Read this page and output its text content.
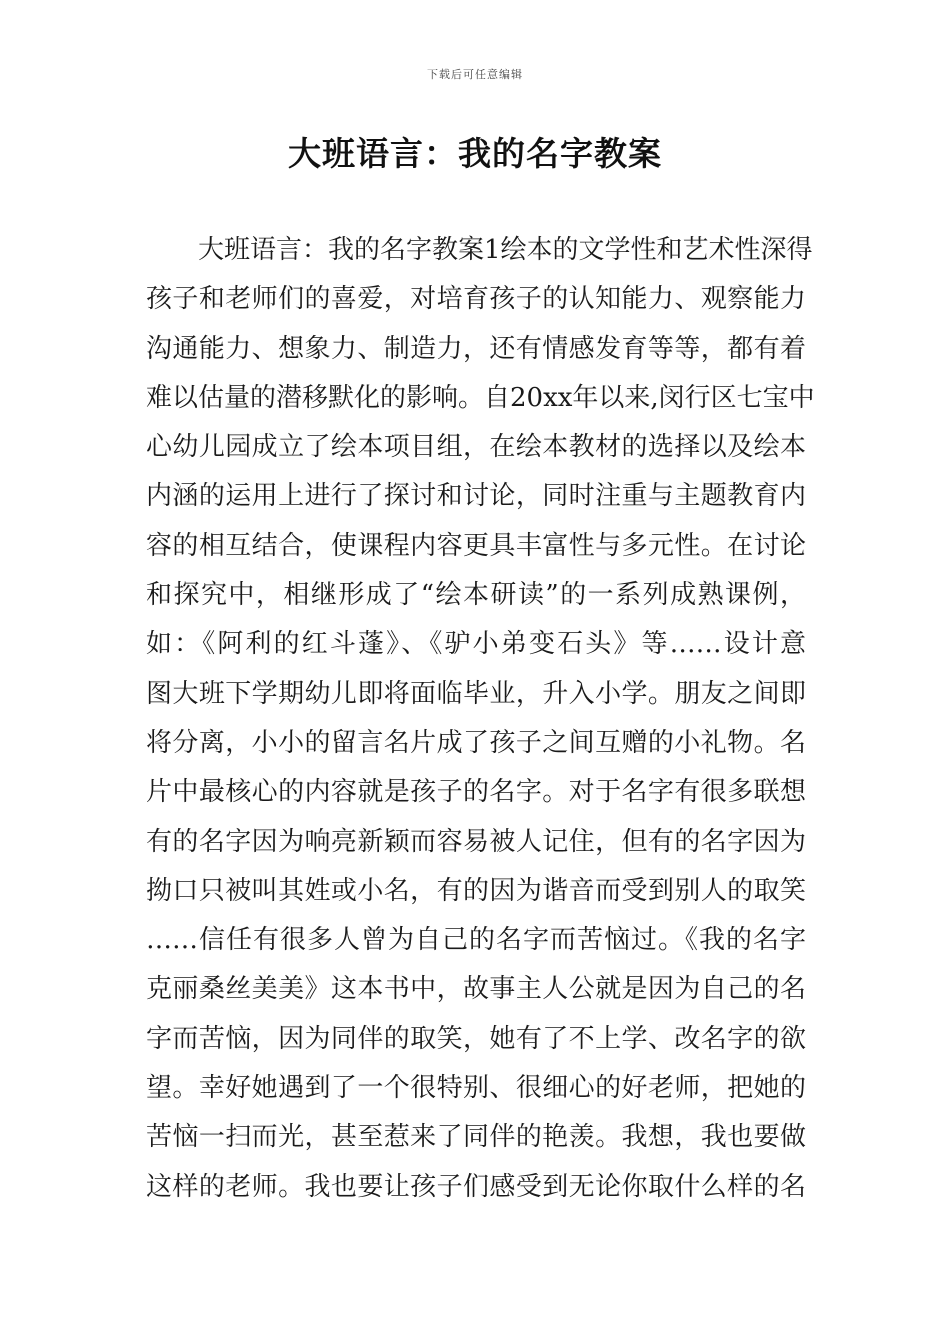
下载后可任意编辑
大班语言：我的名字教案
大班语言：我的名字教案1绘本的文学性和艺术性深得
孩子和老师们的喜爱，对培育孩子的认知能力、观察能力
沟通能力、想象力、制造力，还有情感发育等等，都有着
难以估量的潜移默化的影响。自20xx年以来,闵行区七宝中
心幼儿园成立了绘本项目组，在绘本教材的选择以及绘本
内涵的运用上进行了探讨和讨论，同时注重与主题教育内
容的相互结合，使课程内容更具丰富性与多元性。在讨论
和探究中，相继形成了“绘本研读”的一系列成熟课例，
如：《阿利的红斗蓬》、《驴小弟变石头》等……设计意
图大班下学期幼儿即将面临毕业，升入小学。朋友之间即
将分离，小小的留言名片成了孩子之间互赠的小礼物。名
片中最核心的内容就是孩子的名字。对于名字有很多联想
有的名字因为响亮新颖而容易被人记住，但有的名字因为
拗口只被叫其姓或小名，有的因为谐音而受到别人的取笑
……信任有很多人曾为自己的名字而苦恼过。《我的名字
克丽桑丝美美》这本书中，故事主人公就是因为自己的名
字而苦恼，因为同伴的取笑，她有了不上学、改名字的欲
望。幸好她遇到了一个很特别、很细心的好老师，把她的
苦恼一扫而光，甚至惹来了同伴的艳羡。我想，我也要做
这样的老师。我也要让孩子们感受到无论你取什么样的名
